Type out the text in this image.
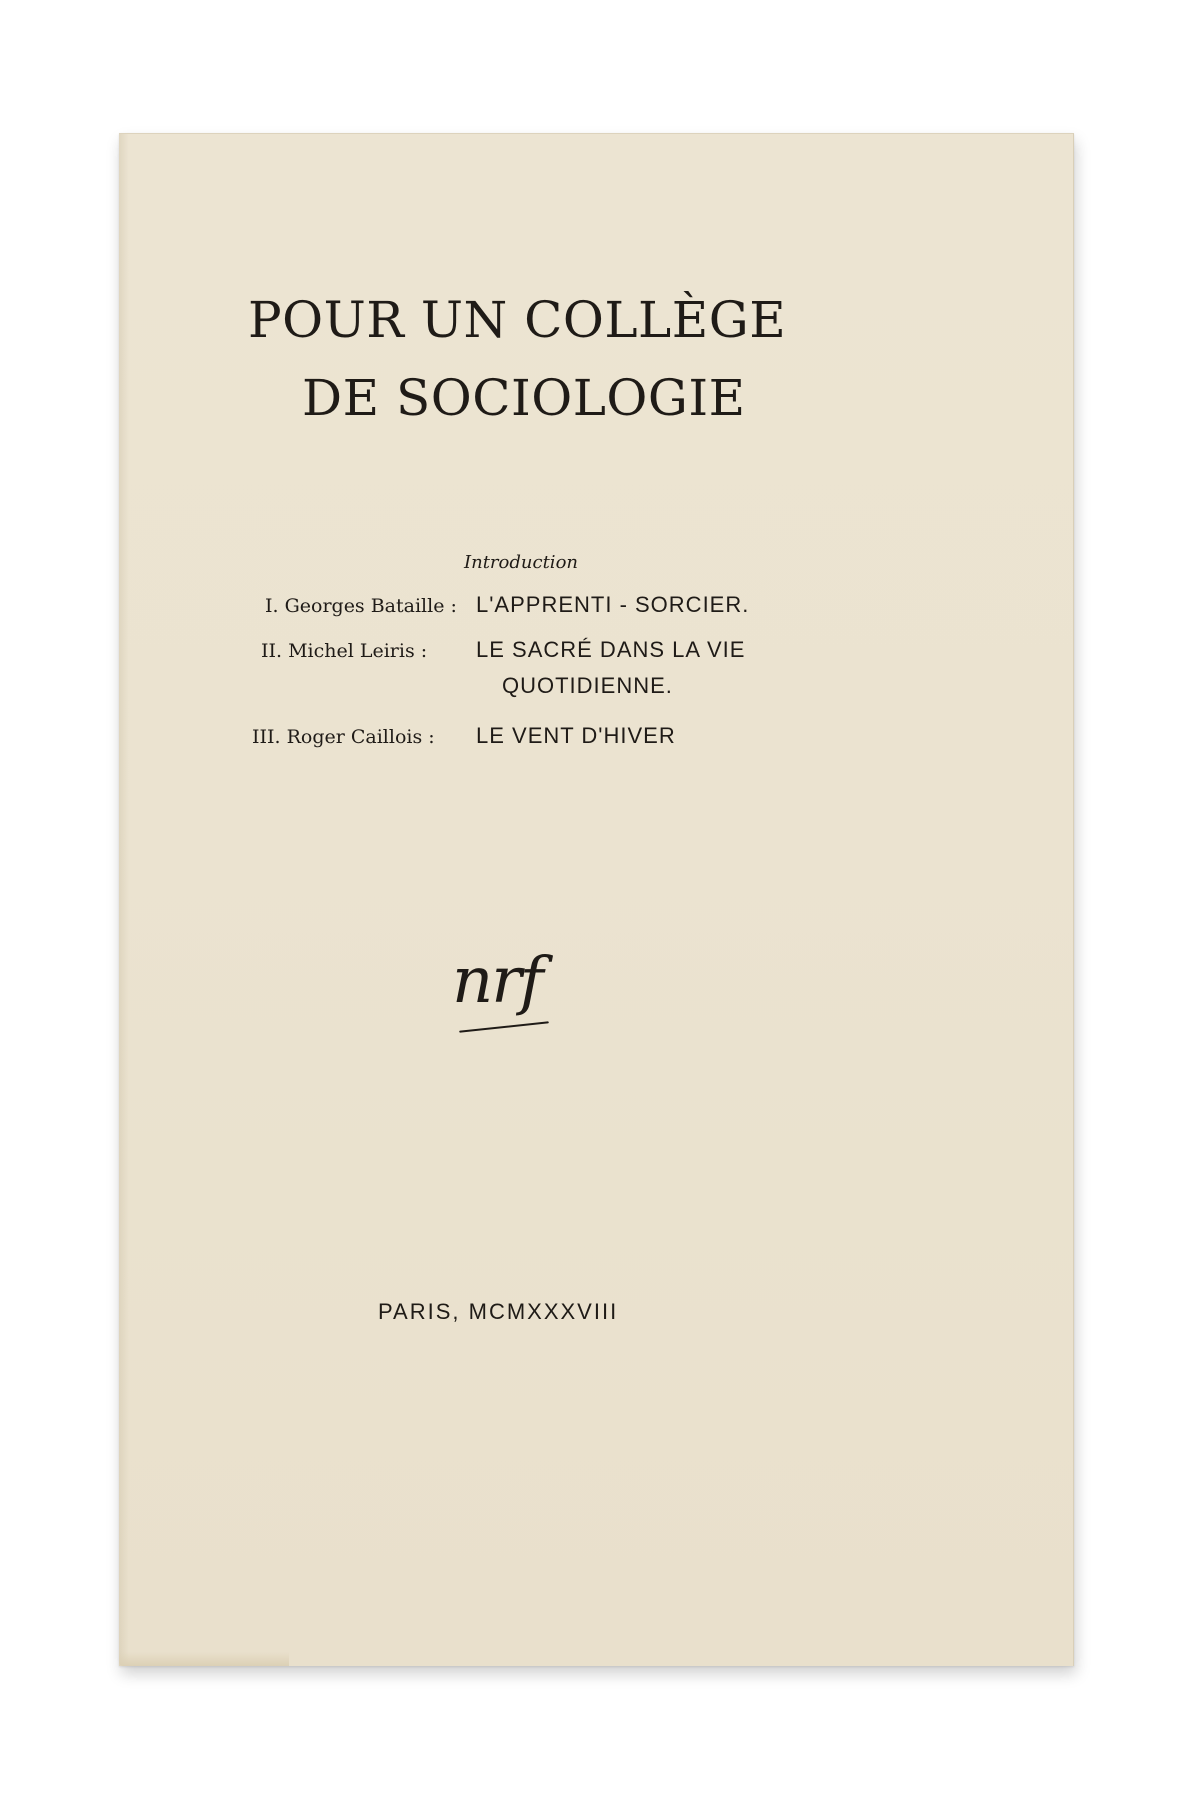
POUR UN COLLÈGE
DE SOCIOLOGIE
Introduction
I. Georges Bataille : L'APPRENTI - SORCIER.
II. Michel Leiris : LE SACRÉ DANS LA VIE
QUOTIDIENNE.
III. Roger Caillois : LE VENT D'HIVER
nrf
PARIS, MCMXXXVIII
